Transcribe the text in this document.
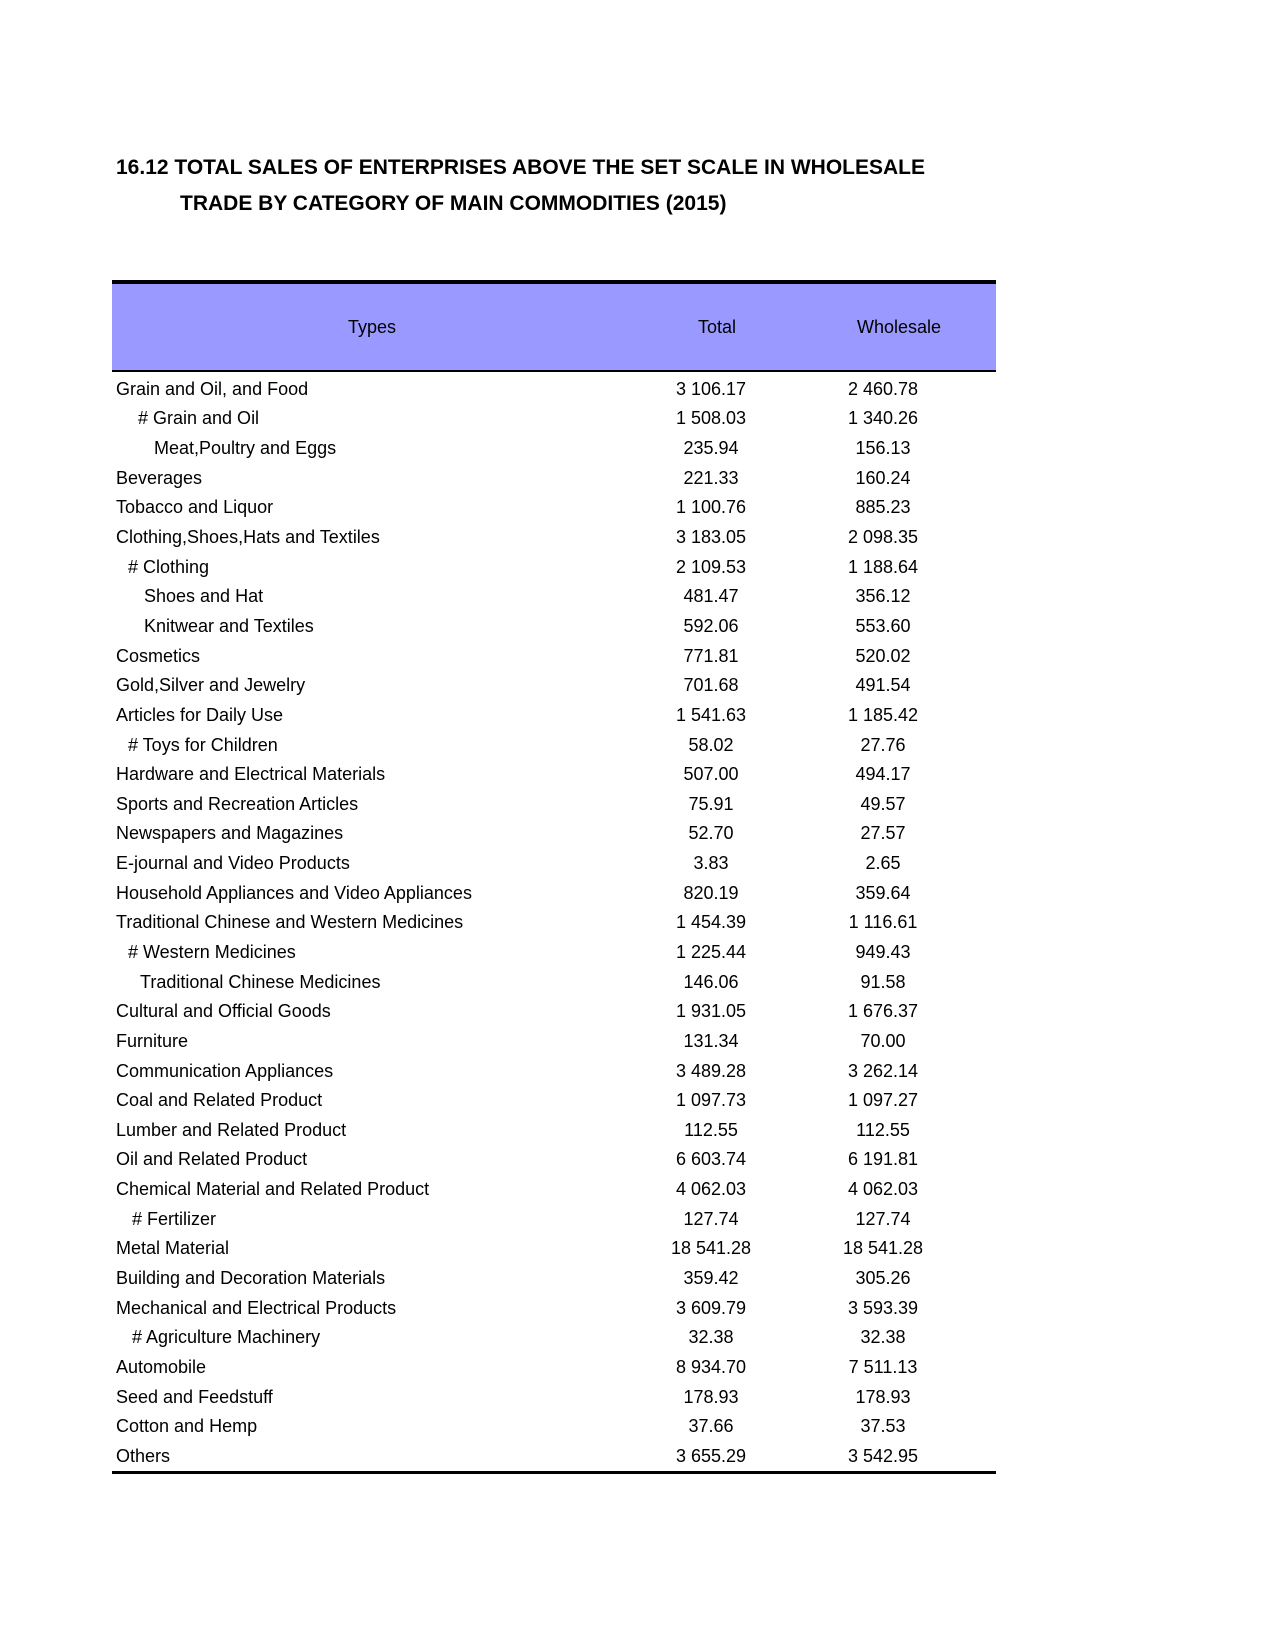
16.12 TOTAL SALES OF ENTERPRISES ABOVE THE SET SCALE IN WHOLESALE
TRADE BY CATEGORY OF MAIN COMMODITIES (2015)
Types	Total	Wholesale
Grain and Oil, and Food	3 106.17	2 460.78
# Grain and Oil	1 508.03	1 340.26
Meat,Poultry and Eggs	235.94	156.13
Beverages	221.33	160.24
Tobacco and Liquor	1 100.76	885.23
Clothing,Shoes,Hats and Textiles	3 183.05	2 098.35
# Clothing	2 109.53	1 188.64
Shoes and Hat	481.47	356.12
Knitwear and Textiles	592.06	553.60
Cosmetics	771.81	520.02
Gold,Silver and Jewelry	701.68	491.54
Articles for Daily Use	1 541.63	1 185.42
# Toys for Children	58.02	27.76
Hardware and Electrical Materials	507.00	494.17
Sports and Recreation Articles	75.91	49.57
Newspapers and Magazines	52.70	27.57
E-journal and Video Products	3.83	2.65
Household Appliances and Video Appliances	820.19	359.64
Traditional Chinese and Western Medicines	1 454.39	1 116.61
# Western Medicines	1 225.44	949.43
Traditional Chinese Medicines	146.06	91.58
Cultural and Official Goods	1 931.05	1 676.37
Furniture	131.34	70.00
Communication Appliances	3 489.28	3 262.14
Coal and Related Product	1 097.73	1 097.27
Lumber and Related Product	112.55	112.55
Oil and Related Product	6 603.74	6 191.81
Chemical Material and Related Product	4 062.03	4 062.03
# Fertilizer	127.74	127.74
Metal Material	18 541.28	18 541.28
Building and Decoration Materials	359.42	305.26
Mechanical and Electrical Products	3 609.79	3 593.39
# Agriculture Machinery	32.38	32.38
Automobile	8 934.70	7 511.13
Seed and Feedstuff	178.93	178.93
Cotton and Hemp	37.66	37.53
Others	3 655.29	3 542.95
